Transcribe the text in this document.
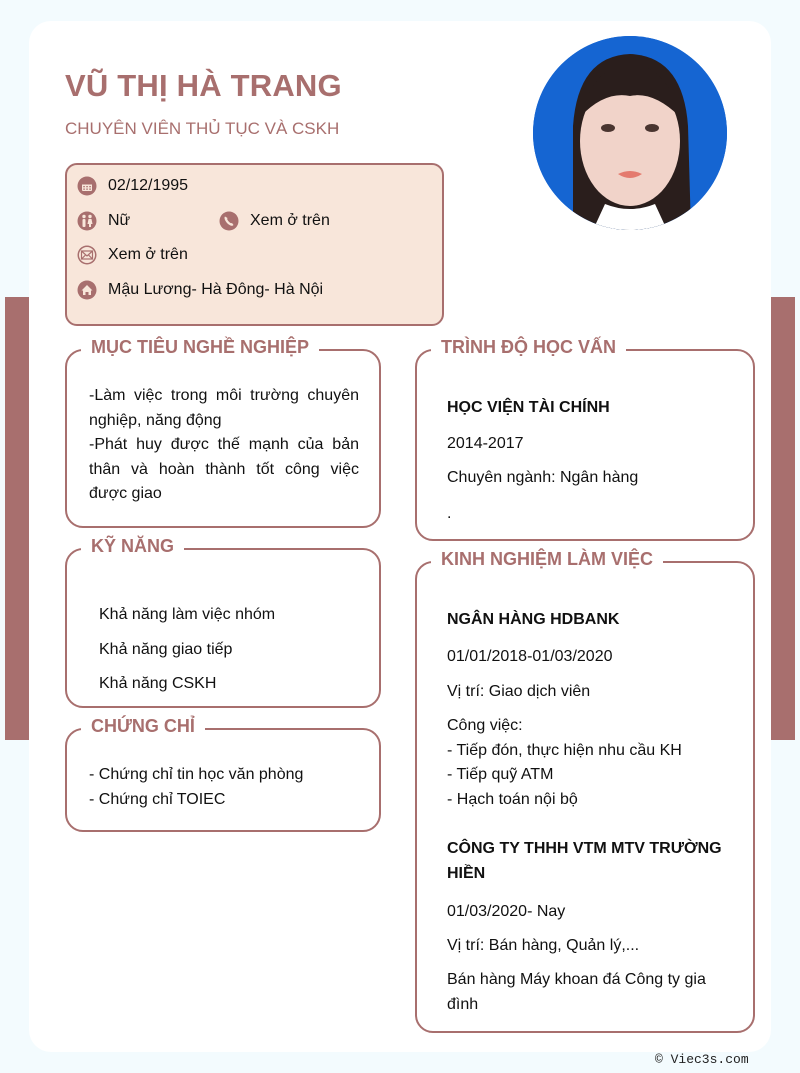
VŨ THỊ HÀ TRANG
CHUYÊN VIÊN THỦ TỤC VÀ CSKH
02/12/1995
Nữ	Xem ở trên
Xem ở trên
Mậu Lương- Hà Đông- Hà Nội
MỤC TIÊU NGHỀ NGHIỆP
-Làm việc trong môi trường chuyên nghiệp, năng động
-Phát huy được thế mạnh của bản thân và hoàn thành tốt công việc được giao
KỸ NĂNG
Khả năng làm việc nhóm
Khả năng giao tiếp
Khả năng CSKH
CHỨNG CHỈ
- Chứng chỉ tin học văn phòng
- Chứng chỉ TOIEC
TRÌNH ĐỘ HỌC VẤN
HỌC VIỆN TÀI CHÍNH
2014-2017
Chuyên ngành: Ngân hàng
.
KINH NGHIỆM LÀM VIỆC
NGÂN HÀNG HDBANK
01/01/2018-01/03/2020
Vị trí: Giao dịch viên
Công việc:
- Tiếp đón, thực hiện nhu cầu KH
- Tiếp quỹ ATM
- Hạch toán nội bộ
CÔNG TY THHH VTM MTV TRƯỜNG HIỀN
01/03/2020- Nay
Vị trí: Bán hàng, Quản lý,...
Bán hàng Máy khoan đá Công ty gia đình
© Viec3s.com
